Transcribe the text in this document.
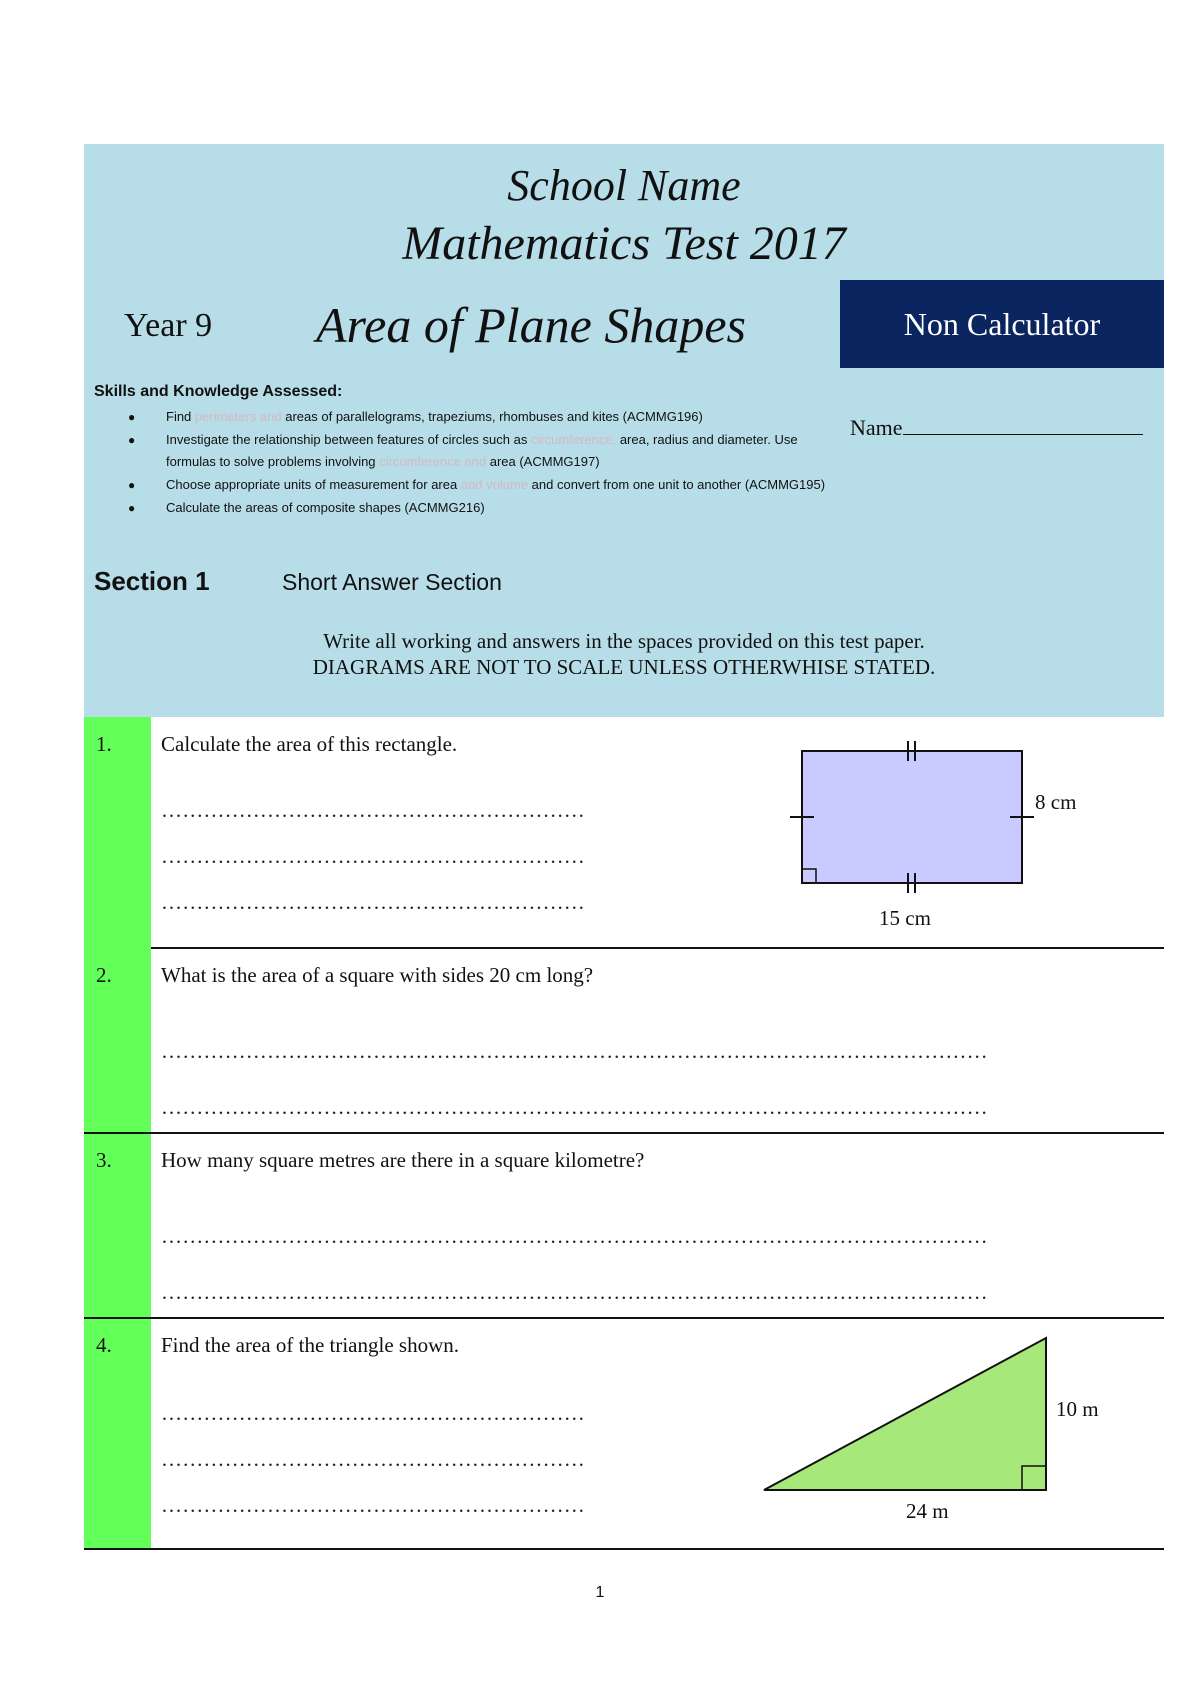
School Name
Mathematics Test 2017
Year 9 Area of Plane Shapes	Non Calculator
Skills and Knowledge Assessed:
● Find perimeters and areas of parallelograms, trapeziums, rhombuses and kites (ACMMG196)
● Investigate the relationship between features of circles such as circumference, area, radius and diameter. Use formulas to solve problems involving circumference and area (ACMMG197)
● Choose appropriate units of measurement for area and volume and convert from one unit to another (ACMMG195)
● Calculate the areas of composite shapes (ACMMG216)
Name
Section 1	Short Answer Section
Write all working and answers in the spaces provided on this test paper.
DIAGRAMS ARE NOT TO SCALE UNLESS OTHERWHISE STATED.
1. Calculate the area of this rectangle.
……………………………………………………
……………………………………………………
……………………………………………………
8 cm
15 cm
2. What is the area of a square with sides 20 cm long?
………………………………………………………………………………………………………
………………………………………………………………………………………………………
3. How many square metres are there in a square kilometre?
………………………………………………………………………………………………………
………………………………………………………………………………………………………
4. Find the area of the triangle shown.
……………………………………………………
……………………………………………………
……………………………………………………
10 m
24 m
1
